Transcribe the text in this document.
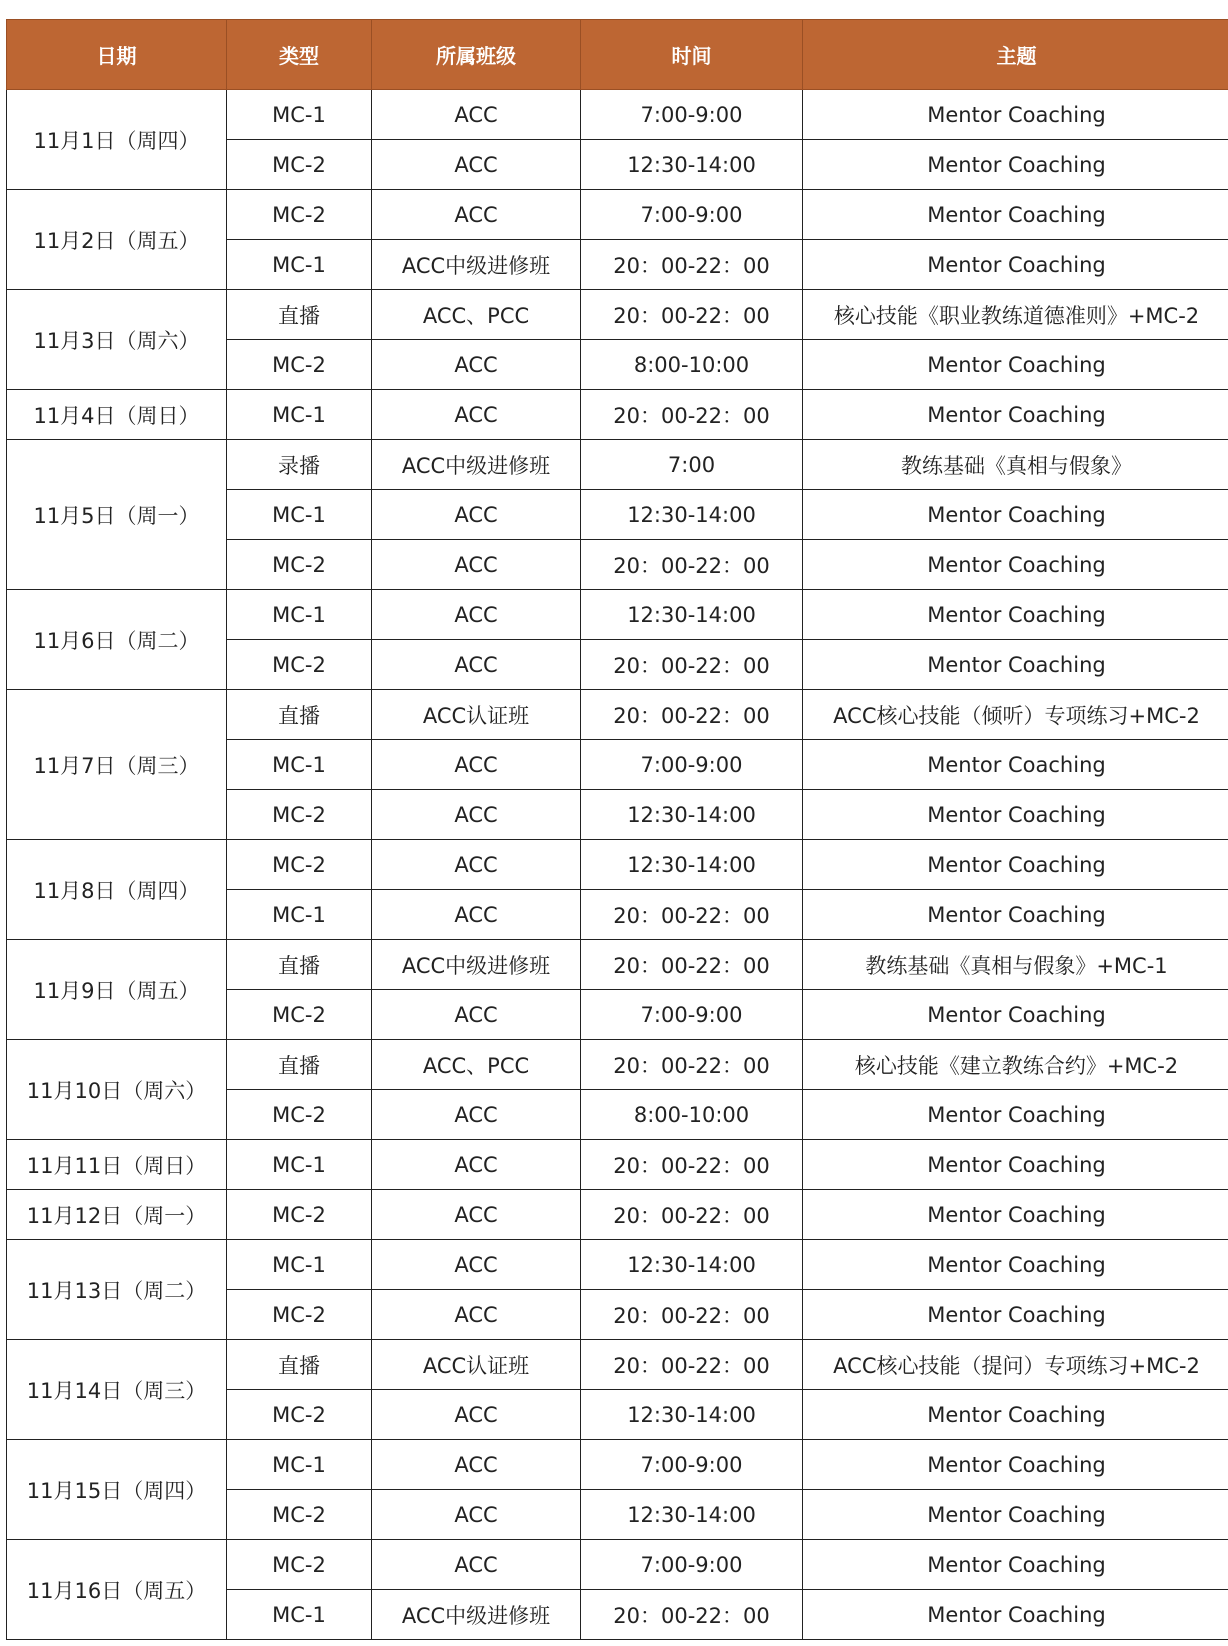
日期	类型	所属班级	时间	主题
11月1日（周四）	MC-1	ACC	7:00-9:00	Mentor Coaching
	MC-2	ACC	12:30-14:00	Mentor Coaching
11月2日（周五）	MC-2	ACC	7:00-9:00	Mentor Coaching
	MC-1	ACC中级进修班	20：00-22：00	Mentor Coaching
11月3日（周六）	直播	ACC、PCC	20：00-22：00	核心技能《职业教练道德准则》+MC-2
	MC-2	ACC	8:00-10:00	Mentor Coaching
11月4日（周日）	MC-1	ACC	20：00-22：00	Mentor Coaching
11月5日（周一）	录播	ACC中级进修班	7:00	教练基础《真相与假象》
	MC-1	ACC	12:30-14:00	Mentor Coaching
	MC-2	ACC	20：00-22：00	Mentor Coaching
11月6日（周二）	MC-1	ACC	12:30-14:00	Mentor Coaching
	MC-2	ACC	20：00-22：00	Mentor Coaching
11月7日（周三）	直播	ACC认证班	20：00-22：00	ACC核心技能（倾听）专项练习+MC-2
	MC-1	ACC	7:00-9:00	Mentor Coaching
	MC-2	ACC	12:30-14:00	Mentor Coaching
11月8日（周四）	MC-2	ACC	12:30-14:00	Mentor Coaching
	MC-1	ACC	20：00-22：00	Mentor Coaching
11月9日（周五）	直播	ACC中级进修班	20：00-22：00	教练基础《真相与假象》+MC-1
	MC-2	ACC	7:00-9:00	Mentor Coaching
11月10日（周六）	直播	ACC、PCC	20：00-22：00	核心技能《建立教练合约》+MC-2
	MC-2	ACC	8:00-10:00	Mentor Coaching
11月11日（周日）	MC-1	ACC	20：00-22：00	Mentor Coaching
11月12日（周一）	MC-2	ACC	20：00-22：00	Mentor Coaching
11月13日（周二）	MC-1	ACC	12:30-14:00	Mentor Coaching
	MC-2	ACC	20：00-22：00	Mentor Coaching
11月14日（周三）	直播	ACC认证班	20：00-22：00	ACC核心技能（提问）专项练习+MC-2
	MC-2	ACC	12:30-14:00	Mentor Coaching
11月15日（周四）	MC-1	ACC	7:00-9:00	Mentor Coaching
	MC-2	ACC	12:30-14:00	Mentor Coaching
11月16日（周五）	MC-2	ACC	7:00-9:00	Mentor Coaching
	MC-1	ACC中级进修班	20：00-22：00	Mentor Coaching
